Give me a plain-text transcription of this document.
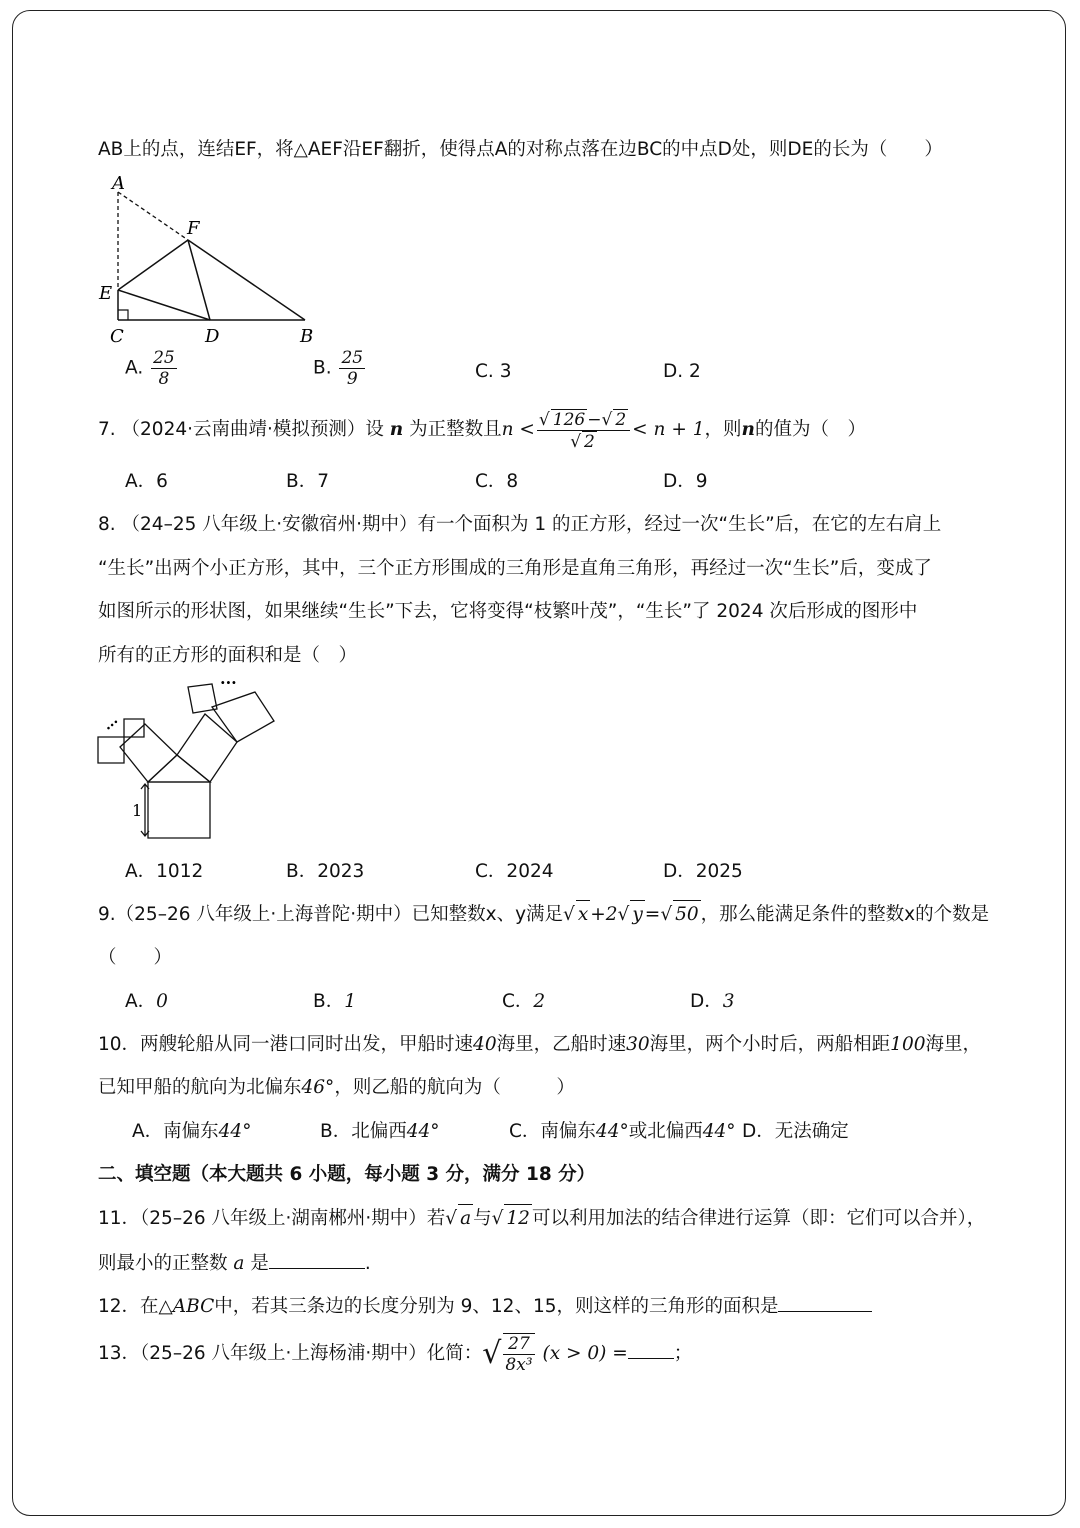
AB上的点，连结EF，将△AEF沿EF翻折，使得点A的对称点落在边BC的中点D处，则DE的长为（　　）
A
F
E
C	D	B
A. $\frac{25}{8}$	B. $\frac{25}{9}$	C. 3	D. 2
7. （2024·云南曲靖·模拟预测）设 n 为正整数且$n < \frac{√ 126 -√ 2}{√ 2} < n + 1$，则n的值为（　）
A．6	B．7	C．8	D．9
8. （24–25 八年级上·安徽宿州·期中）有一个面积为 1 的正方形，经过一次“生长”后，在它的左右肩上
“生长”出两个小正方形，其中，三个正方形围成的三角形是直角三角形，再经过一次“生长”后，变成了
如图所示的形状图，如果继续“生长”下去，它将变得“枝繁叶茂”，“生长”了 2024 次后形成的图形中
所有的正方形的面积和是（　）
1
···
···
A．1012	B．2023	C．2024	D．2025
9.（25–26 八年级上·上海普陀·期中）已知整数x、y满足√ x +2√ y =√ 50 ，那么能满足条件的整数x的个数是
（　　）
A．0	B．1	C．2	D．3
10．两艘轮船从同一港口同时出发，甲船时速40海里，乙船时速30海里，两个小时后，两船相距100海里，
已知甲船的航向为北偏东46°，则乙船的航向为（　　　）
A．南偏东44°	B．北偏西44°	C．南偏东44°或北偏西44° D．无法确定
二、填空题（本大题共 6 小题，每小题 3 分，满分 18 分）
11．（25–26 八年级上·湖南郴州·期中）若√ a 与√ 12 可以利用加法的结合律进行运算（即：它们可以合并），
则最小的正整数 a 是	.
12．在△ABC中，若其三条边的长度分别为 9、12、15，则这样的三角形的面积是
13．（25–26 八年级上·上海杨浦·期中）化简：√ $\frac{27}{\text{8x³}} (x > 0)$ = ；
